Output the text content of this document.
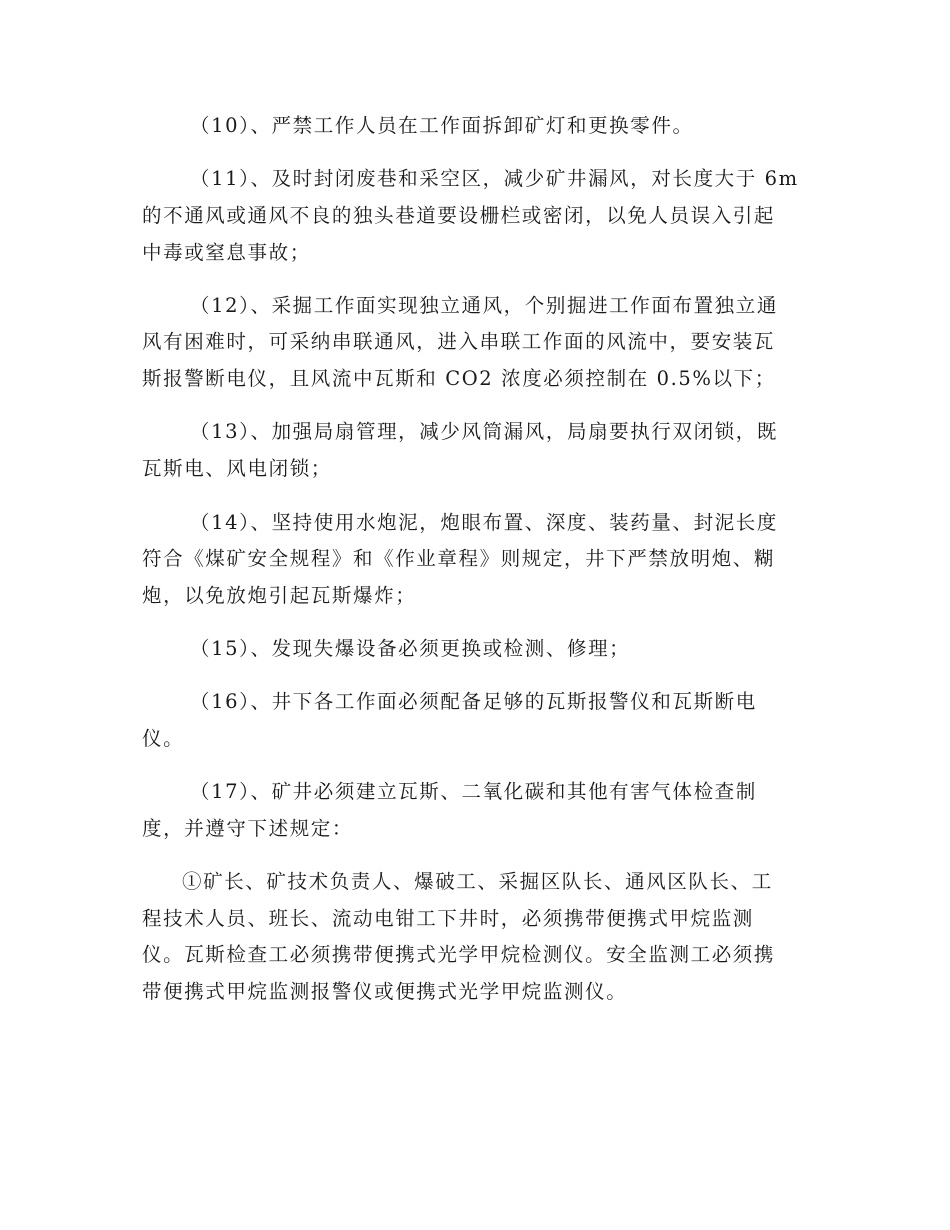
（10）、严禁工作人员在工作面拆卸矿灯和更换零件。

（11）、及时封闭废巷和采空区，减少矿井漏风，对长度大于 6m

的不通风或通风不良的独头巷道要设栅栏或密闭，以免人员误入引起

中毒或窒息事故；

（12）、采掘工作面实现独立通风，个别掘进工作面布置独立通

风有困难时，可采纳串联通风，进入串联工作面的风流中，要安装瓦

斯报警断电仪，且风流中瓦斯和 CO2 浓度必须控制在 0.5%以下；

（13）、加强局扇管理，减少风筒漏风，局扇要执行双闭锁，既

瓦斯电、风电闭锁；

（14）、坚持使用水炮泥，炮眼布置、深度、装药量、封泥长度

符合《煤矿安全规程》和《作业章程》则规定，井下严禁放明炮、糊

炮，以免放炮引起瓦斯爆炸；

（15）、发现失爆设备必须更换或检测、修理；

（16）、井下各工作面必须配备足够的瓦斯报警仪和瓦斯断电

仪。

（17）、矿井必须建立瓦斯、二氧化碳和其他有害气体检查制

度，并遵守下述规定：

①矿长、矿技术负责人、爆破工、采掘区队长、通风区队长、工

程技术人员、班长、流动电钳工下井时，必须携带便携式甲烷监测

仪。瓦斯检查工必须携带便携式光学甲烷检测仪。安全监测工必须携

带便携式甲烷监测报警仪或便携式光学甲烷监测仪。
